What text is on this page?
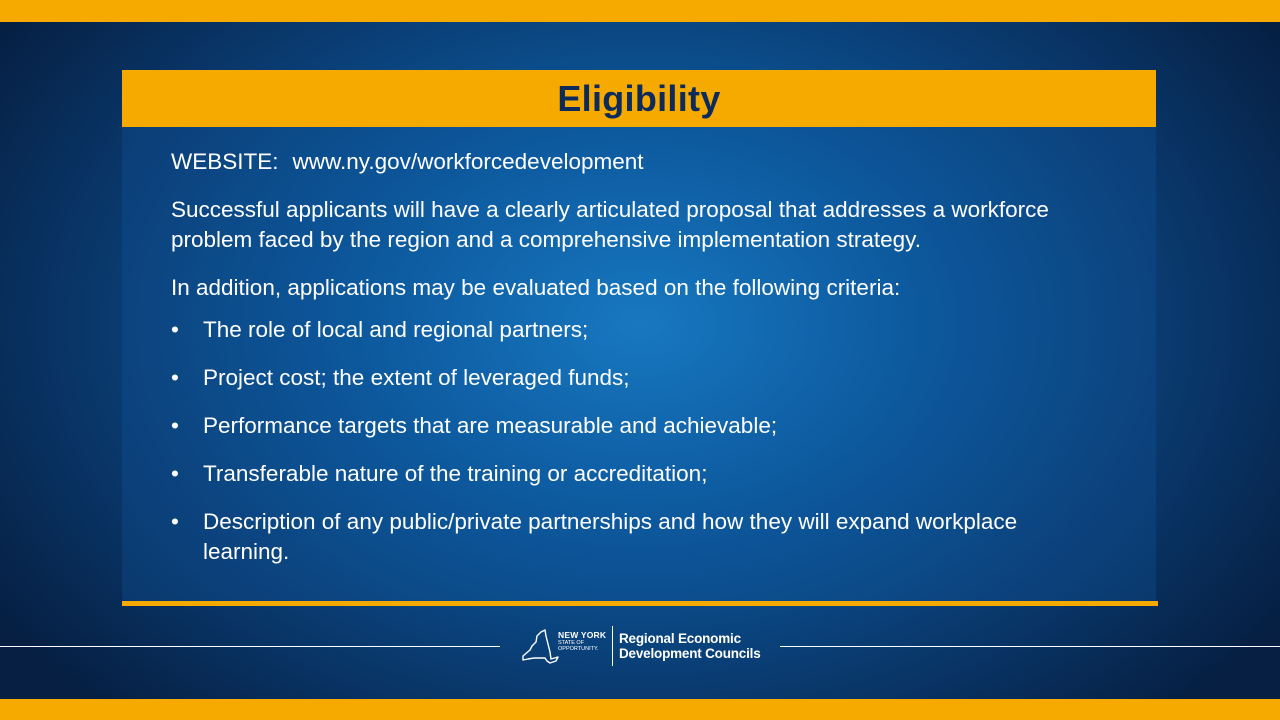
Eligibility

WEBSITE: www.ny.gov/workforcedevelopment

Successful applicants will have a clearly articulated proposal that addresses a workforce problem faced by the region and a comprehensive implementation strategy.

In addition, applications may be evaluated based on the following criteria:

• The role of local and regional partners;
• Project cost; the extent of leveraged funds;
• Performance targets that are measurable and achievable;
• Transferable nature of the training or accreditation;
• Description of any public/private partnerships and how they will expand workplace learning.
NEW YORK
STATE OF
OPPORTUNITY.
Regional Economic
Development Councils
